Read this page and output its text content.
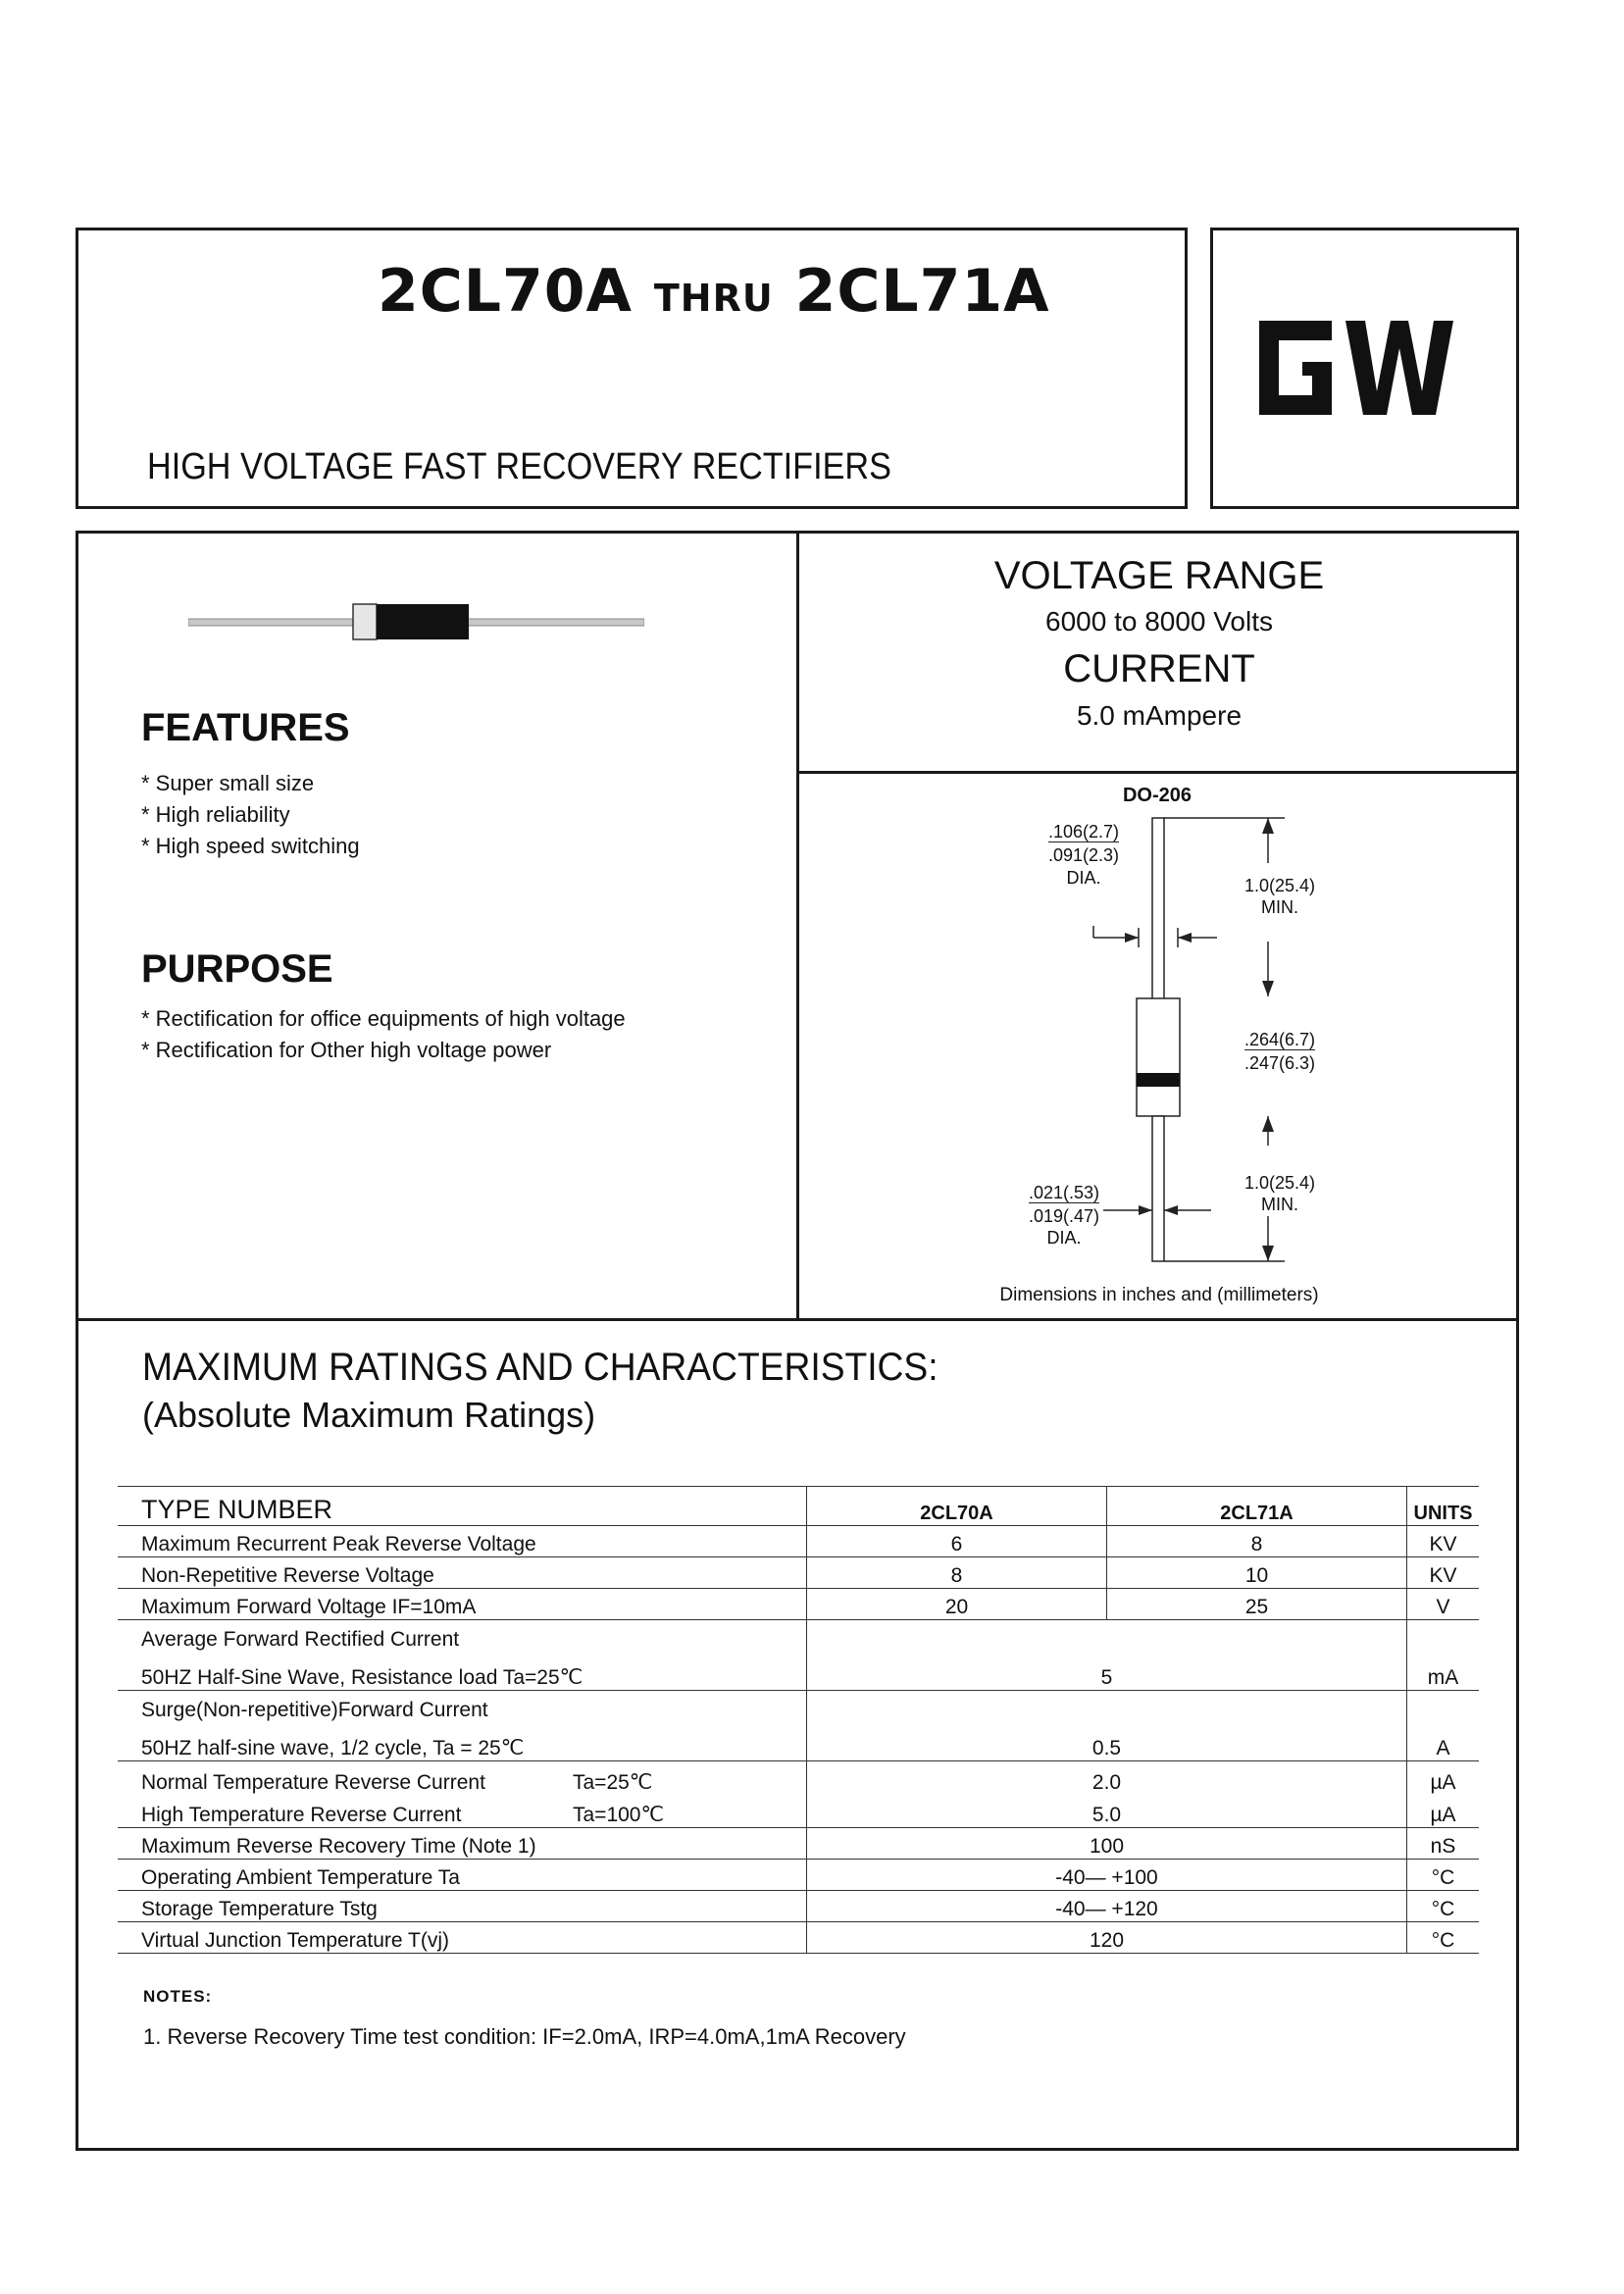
2CL70A THRU 2CL71A
HIGH VOLTAGE FAST RECOVERY RECTIFIERS
FEATURES
* Super small size
* High reliability
* High speed switching
PURPOSE
* Rectification for office equipments of high voltage
* Rectification for Other high voltage power
VOLTAGE RANGE
6000 to 8000 Volts
CURRENT
5.0 mAmpere
DO-206
.106(2.7)
.091(2.3)
DIA.	1.0(25.4)
MIN.
.264(6.7)
.247(6.3)
1.0(25.4)
MIN.
.021(.53)
.019(.47)
DIA.
Dimensions in inches and (millimeters)
MAXIMUM RATINGS AND CHARACTERISTICS:
(Absolute Maximum Ratings)
TYPE NUMBER	2CL70A	2CL71A	UNITS
Maximum Recurrent Peak Reverse Voltage	6	8	KV
Non-Repetitive Reverse Voltage	8	10	KV
Maximum Forward Voltage IF=10mA	20	25	V

Average Forward Rectified Current
50HZ Half-Sine Wave, Resistance load Ta=25℃	5		mA

Surge(Non-repetitive)Forward Current
50HZ half-sine wave, 1/2 cycle, Ta = 25℃	0.5		A
Normal Temperature Reverse Current Ta=25℃	2.0		µA
High Temperature Reverse Current Ta=100℃	5.0		µA
Maximum Reverse Recovery Time (Note 1)	100		nS
Operating Ambient Temperature Ta	-40— +100		°C
Storage Temperature Tstg	-40— +120		°C
Virtual Junction Temperature T(vj)	120		°C
NOTES:
1. Reverse Recovery Time test condition: IF=2.0mA, IRP=4.0mA,1mA Recovery
